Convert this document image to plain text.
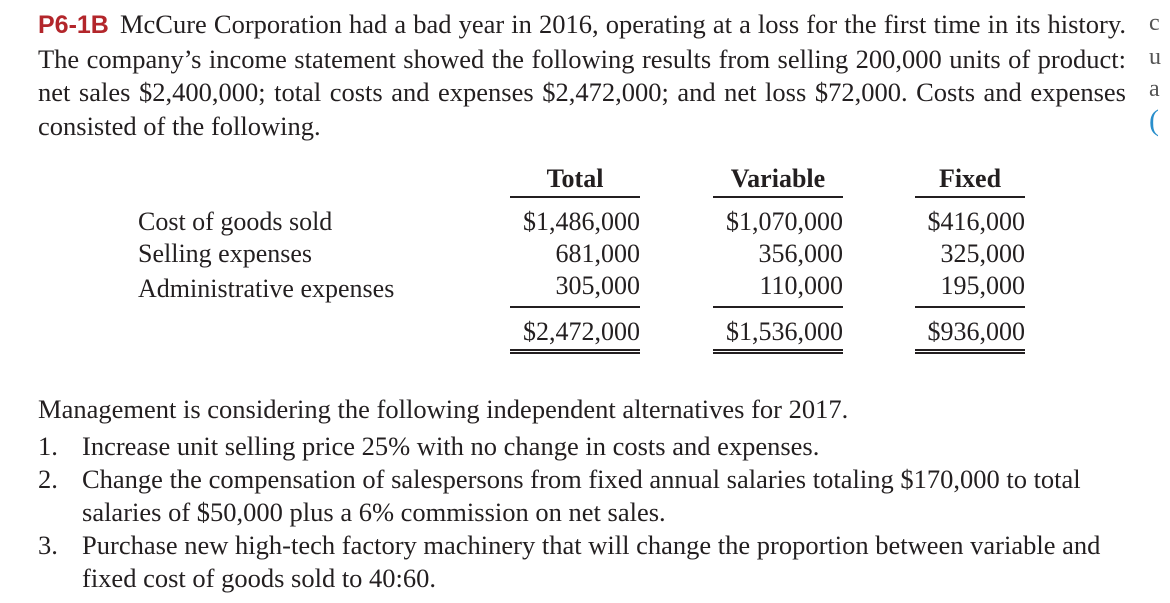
P6-1B McCure Corporation had a bad year in 2016, operating at a loss for the first time in its history. The company’s income statement showed the following results from selling 200,000 units of product: net sales $2,400,000; total costs and expenses $2,472,000; and net loss $72,000. Costs and expenses consisted of the following.
c
u
a
(

	Total		Variable		Fixed

Cost of goods sold	$1,486,000		$1,070,000		$416,000
Selling expenses	681,000		356,000		325,000
Administrative expenses	305,000		110,000		195,000

	$2,472,000		$1,536,000		$936,000
Management is considering the following independent alternatives for 2017.
1. Increase unit selling price 25% with no change in costs and expenses.
2. Change the compensation of salespersons from fixed annual salaries totaling $170,000 to total salaries of $50,000 plus a 6% commission on net sales.
3. Purchase new high-tech factory machinery that will change the proportion between variable and fixed cost of goods sold to 40:60.
